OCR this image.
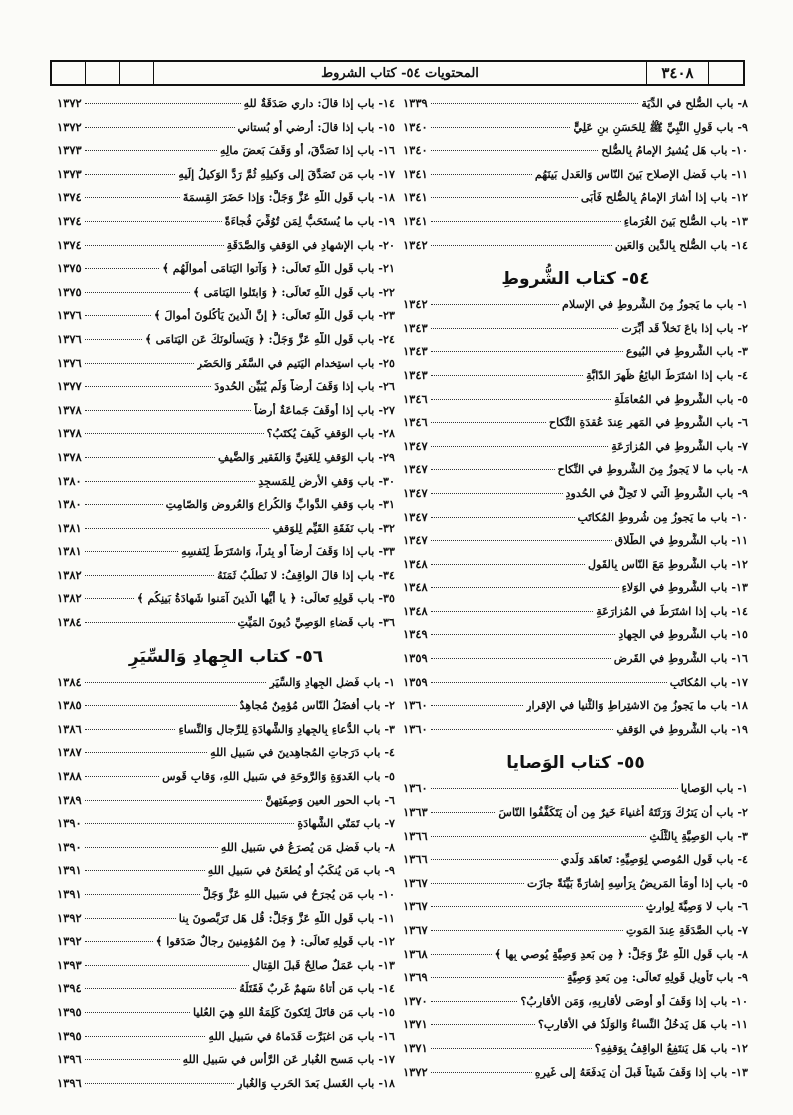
المحتويات ٥٤- كتاب الشروط	٣٤٠٨
٨- باب الصُّلح في الدِّيَة
١٣٣٩
٩- باب قَولِ النَّبِيِّ ﷺ لِلحَسَنِ بنِ عَلِيٍّ
١٣٤٠
١٠- باب هَل يُشيرُ الإمامُ بِالصُّلحِ
١٣٤٠
١١- باب فَضلِ الإصلاحِ بَينَ النّاسِ وَالعَدلِ بَينَهُم
١٣٤١
١٢- باب إذا أشارَ الإمامُ بِالصُّلحِ فَأَبَى
١٣٤١
١٣- باب الصُّلحِ بَينَ الغُرَماءِ
١٣٤١
١٤- باب الصُّلحِ بِالدَّينِ وَالعَينِ
١٣٤٢
٥٤- كتاب الشُّروطِ
١- باب ما يَجوزُ مِنَ الشُّروطِ في الإسلامِ
١٣٤٢
٢- باب إذا باعَ نَخلاً قَد أُبِّرَت
١٣٤٣
٣- باب الشُّروطِ في البُيوعِ
١٣٤٣
٤- باب إذا اشتَرَطَ البائِعُ ظَهرَ الدّابَّةِ
١٣٤٣
٥- باب الشُّروطِ في المُعامَلَةِ
١٣٤٦
٦- باب الشُّروطِ في المَهرِ عِندَ عُقدَةِ النِّكاحِ
١٣٤٦
٧- باب الشُّروطِ في المُزارَعَةِ
١٣٤٧
٨- باب ما لا يَجوزُ مِنَ الشُّروطِ في النِّكاحِ
١٣٤٧
٩- باب الشُّروطِ الَّتي لا تَحِلُّ في الحُدودِ
١٣٤٧
١٠- باب ما يَجوزُ مِن شُروطِ المُكاتَبِ
١٣٤٧
١١- باب الشُّروطِ في الطَّلاقِ
١٣٤٧
١٢- باب الشُّروطِ مَعَ النّاسِ بِالقَولِ
١٣٤٨
١٣- باب الشُّروطِ في الوَلاءِ
١٣٤٨
١٤- باب إذا اشتَرَطَ في المُزارَعَةِ
١٣٤٨
١٥- باب الشُّروطِ في الجِهادِ
١٣٤٩
١٦- باب الشُّروطِ في القَرضِ
١٣٥٩
١٧- باب المُكاتَبِ
١٣٥٩
١٨- باب ما يَجوزُ مِنَ الاشتِراطِ وَالثُّنيا في الإقرارِ
١٣٦٠
١٩- باب الشُّروطِ في الوَقفِ
١٣٦٠
٥٥- كتاب الوَصايا
١- باب الوَصايا
١٣٦٠
٢- باب أن يَترُكَ وَرَثَتَهُ أغنياءَ خَيرٌ مِن أن يَتَكَفَّفُوا النّاسَ
١٣٦٣
٣- باب الوَصِيَّةِ بِالثُّلُثِ
١٣٦٦
٤- باب قَولِ المُوصي لِوَصِيِّهِ: تَعاهَد وَلَدي
١٣٦٦
٥- باب إذا أومَأَ المَريضُ بِرَأسِهِ إشارَةً بَيِّنَةً جازَت
١٣٦٧
٦- باب لا وَصِيَّةَ لِوارِثٍ
١٣٦٧
٧- باب الصَّدَقَةِ عِندَ المَوتِ
١٣٦٧
٨- باب قَولِ اللَّهِ عَزَّ وَجَلَّ: ﴿ مِن بَعدِ وَصِيَّةٍ يُوصي بِها ﴾
١٣٦٨
٩- باب تَأويلِ قَولِهِ تَعالَى: مِن بَعدِ وَصِيَّةٍ
١٣٦٩
١٠- باب إذا وَقَفَ أو أوصَى لأقارِبِهِ، وَمَنِ الأقارِبُ؟
١٣٧٠
١١- باب هَل يَدخُلُ النِّساءُ وَالوَلَدُ في الأقارِبِ؟
١٣٧١
١٢- باب هَل يَنتَفِعُ الواقِفُ بِوَقفِهِ؟
١٣٧١
١٣- باب إذا وَقَفَ شَيئاً قَبلَ أن يَدفَعَهُ إلى غَيرِهِ
١٣٧٢
١٤- باب إذا قالَ: داري صَدَقَةٌ للهِ
١٣٧٢
١٥- باب إذا قالَ: أرضي أو بُستاني
١٣٧٢
١٦- باب إذا تَصَدَّقَ، أو وَقَفَ بَعضَ مالِهِ
١٣٧٣
١٧- باب مَن تَصَدَّقَ إلى وَكيلِهِ ثُمَّ رَدَّ الوَكيلُ إلَيهِ
١٣٧٣
١٨- باب قَولِ اللَّهِ عَزَّ وَجَلَّ: وَإذا حَضَرَ القِسمَةَ
١٣٧٤
١٩- باب ما يُستَحَبُّ لِمَن تُوُفِّيَ فُجاءَةً
١٣٧٤
٢٠- باب الإشهادِ في الوَقفِ وَالصَّدَقَةِ
١٣٧٤
٢١- باب قَولِ اللَّهِ تَعالَى: ﴿ وَآتوا اليَتامَى أموالَهُم ﴾
١٣٧٥
٢٢- باب قَولِ اللَّهِ تَعالَى: ﴿ وَابتَلوا اليَتامَى ﴾
١٣٧٥
٢٣- باب قَولِ اللَّهِ تَعالَى: ﴿ إنَّ الَّذينَ يَأكُلونَ أموالَ ﴾
١٣٧٦
٢٤- باب قَولِ اللَّهِ عَزَّ وَجَلَّ: ﴿ وَيَسألونَكَ عَنِ اليَتامَى ﴾
١٣٧٦
٢٥- باب استِخدامِ اليَتيمِ في السَّفَرِ وَالحَضَرِ
١٣٧٦
٢٦- باب إذا وَقَفَ أرضاً وَلَم يُبَيِّنِ الحُدودَ
١٣٧٧
٢٧- باب إذا أوقَفَ جَماعَةٌ أرضاً
١٣٧٨
٢٨- باب الوَقفِ كَيفَ يُكتَبُ؟
١٣٧٨
٢٩- باب الوَقفِ لِلغَنِيِّ وَالفَقيرِ وَالضَّيفِ
١٣٧٨
٣٠- باب وَقفِ الأرضِ لِلمَسجِدِ
١٣٨٠
٣١- باب وَقفِ الدَّوابِّ وَالكُراعِ وَالعُروضِ وَالصّامِتِ
١٣٨٠
٣٢- باب نَفَقَةِ القَيِّمِ لِلوَقفِ
١٣٨١
٣٣- باب إذا وَقَفَ أرضاً أو بِئراً، وَاشتَرَطَ لِنَفسِهِ
١٣٨١
٣٤- باب إذا قالَ الواقِفُ: لا نَطلُبُ ثَمَنَهُ
١٣٨٢
٣٥- باب قَولِهِ تَعالَى: ﴿ يا أيُّها الَّذينَ آمَنوا شَهادَةُ بَينِكُم ﴾
١٣٨٢
٣٦- باب قَضاءِ الوَصِيِّ دُيونَ المَيِّتِ
١٣٨٤
٥٦- كتاب الجِهادِ وَالسِّيَرِ
١- باب فَضلِ الجِهادِ وَالسِّيَرِ
١٣٨٤
٢- باب أفضَلُ النّاسِ مُؤمِنٌ مُجاهِدٌ
١٣٨٥
٣- باب الدُّعاءِ بِالجِهادِ وَالشَّهادَةِ لِلرِّجالِ وَالنِّساءِ
١٣٨٦
٤- باب دَرَجاتِ المُجاهِدينَ في سَبيلِ اللهِ
١٣٨٧
٥- باب الغَدوَةِ وَالرَّوحَةِ في سَبيلِ اللهِ، وَقابِ قَوسِ
١٣٨٨
٦- باب الحورِ العينِ وَصِفَتِهِنَّ
١٣٨٩
٧- باب تَمَنّي الشَّهادَةِ
١٣٩٠
٨- باب فَضلِ مَن يُصرَعُ في سَبيلِ اللهِ
١٣٩٠
٩- باب مَن يُنكَبُ أو يُطعَنُ في سَبيلِ اللهِ
١٣٩١
١٠- باب مَن يُجرَحُ في سَبيلِ اللهِ عَزَّ وَجَلَّ
١٣٩١
١١- باب قَولِ اللَّهِ عَزَّ وَجَلَّ: قُل هَل تَرَبَّصونَ بِنا
١٣٩٢
١٢- باب قَولِهِ تَعالَى: ﴿ مِنَ المُؤمِنينَ رِجالٌ صَدَقوا ﴾
١٣٩٢
١٣- باب عَمَلٌ صالِحٌ قَبلَ القِتالِ
١٣٩٣
١٤- باب مَن أتاهُ سَهمٌ غَربٌ فَقَتَلَهُ
١٣٩٤
١٥- باب مَن قاتَلَ لِتَكونَ كَلِمَةُ اللهِ هِيَ العُليا
١٣٩٥
١٦- باب مَنِ اغبَرَّت قَدَماهُ في سَبيلِ اللهِ
١٣٩٥
١٧- باب مَسحِ الغُبارِ عَنِ الرَّأسِ في سَبيلِ اللهِ
١٣٩٦
١٨- باب الغَسلِ بَعدَ الحَربِ وَالغُبارِ
١٣٩٦
